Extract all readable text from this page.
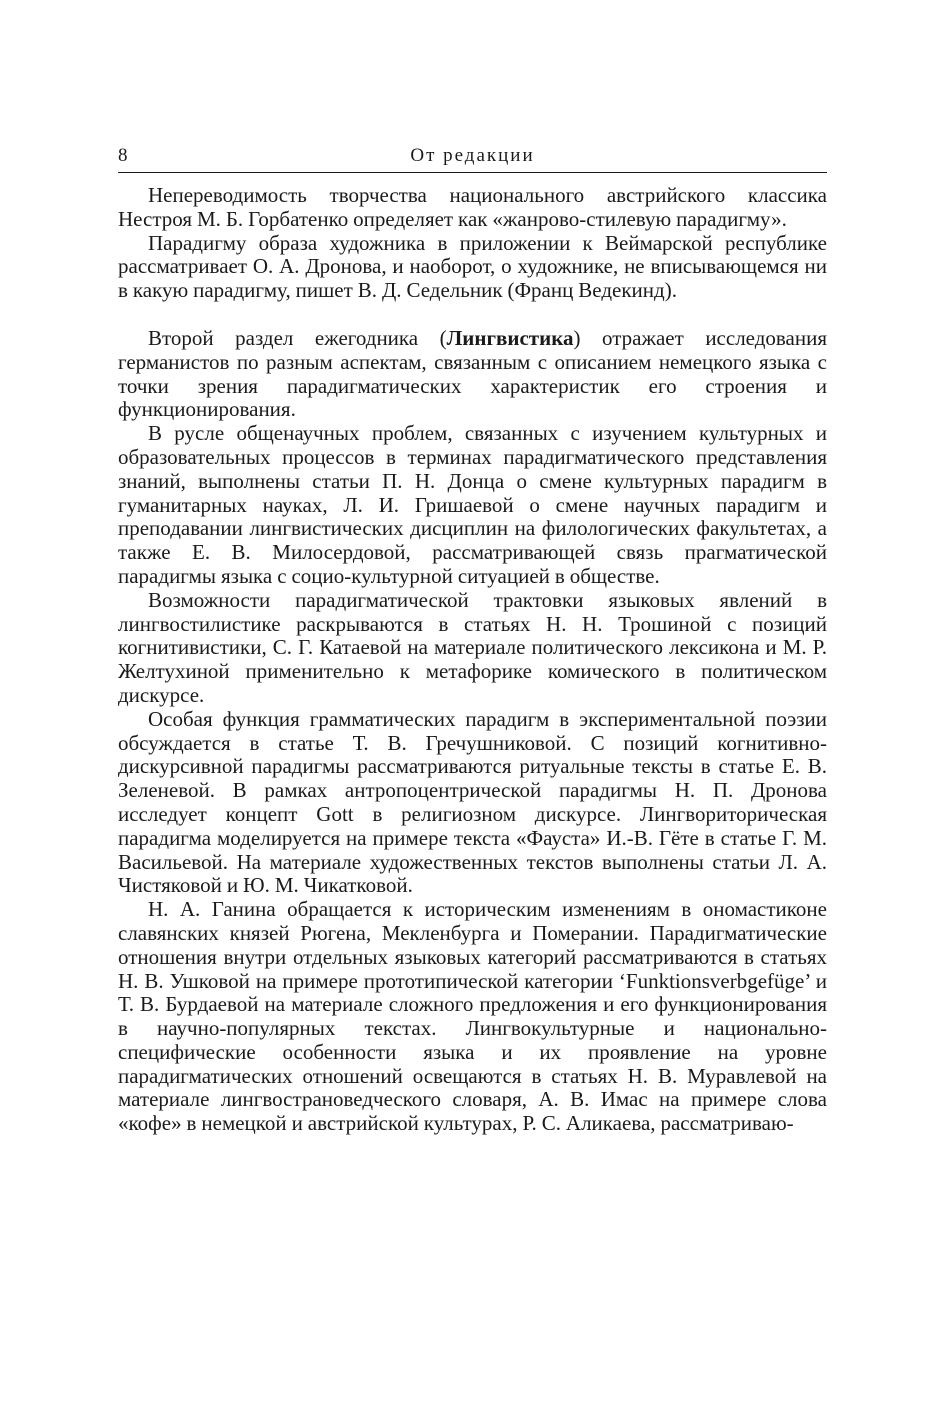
8	От редакции

Непереводимость творчества национального австрийского классика Нестроя М. Б. Горбатенко определяет как «жанрово-стилевую парадигму».

Парадигму образа художника в приложении к Веймарской республике рассматривает О. А. Дронова, и наоборот, о художнике, не вписывающемся ни в какую парадигму, пишет В. Д. Седельник (Франц Ведекинд).

Второй раздел ежегодника (Лингвистика) отражает исследования германистов по разным аспектам, связанным с описанием немецкого языка с точки зрения парадигматических характеристик его строения и функционирования.

В русле общенаучных проблем, связанных с изучением культурных и образовательных процессов в терминах парадигматического представления знаний, выполнены статьи П. Н. Донца о смене культурных парадигм в гуманитарных науках, Л. И. Гришаевой о смене научных парадигм и преподавании лингвистических дисциплин на филологических факультетах, а также Е. В. Милосердовой, рассматривающей связь прагматической парадигмы языка с социо-культурной ситуацией в обществе.

Возможности парадигматической трактовки языковых явлений в лингвостилистике раскрываются в статьях Н. Н. Трошиной с позиций когнитивистики, С. Г. Катаевой на материале политического лексикона и М. Р. Желтухиной применительно к метафорике комического в политическом дискурсе.

Особая функция грамматических парадигм в экспериментальной поэзии обсуждается в статье Т. В. Гречушниковой. С позиций когнитивно-дискурсивной парадигмы рассматриваются ритуальные тексты в статье Е. В. Зеленевой. В рамках антропоцентрической парадигмы Н. П. Дронова исследует концепт Gott в религиозном дискурсе. Лингвориторическая парадигма моделируется на примере текста «Фауста» И.-В. Гёте в статье Г. М. Васильевой. На материале художественных текстов выполнены статьи Л. А. Чистяковой и Ю. М. Чикатковой.

Н. А. Ганина обращается к историческим изменениям в ономастиконе славянских князей Рюгена, Мекленбурга и Померании. Парадигматические отношения внутри отдельных языковых категорий рассматриваются в статьях Н. В. Ушковой на примере прототипической категории ‘Funktionsverbgefüge’ и Т. В. Бурдаевой на материале сложного предложения и его функционирования в научно-популярных текстах. Лингвокультурные и национально-специфические особенности языка и их проявление на уровне парадигматических отношений освещаются в статьях Н. В. Муравлевой на материале лингвострановедческого словаря, А. В. Имас на примере слова «кофе» в немецкой и австрийской культурах, Р. С. Аликаева, рассматриваю-
